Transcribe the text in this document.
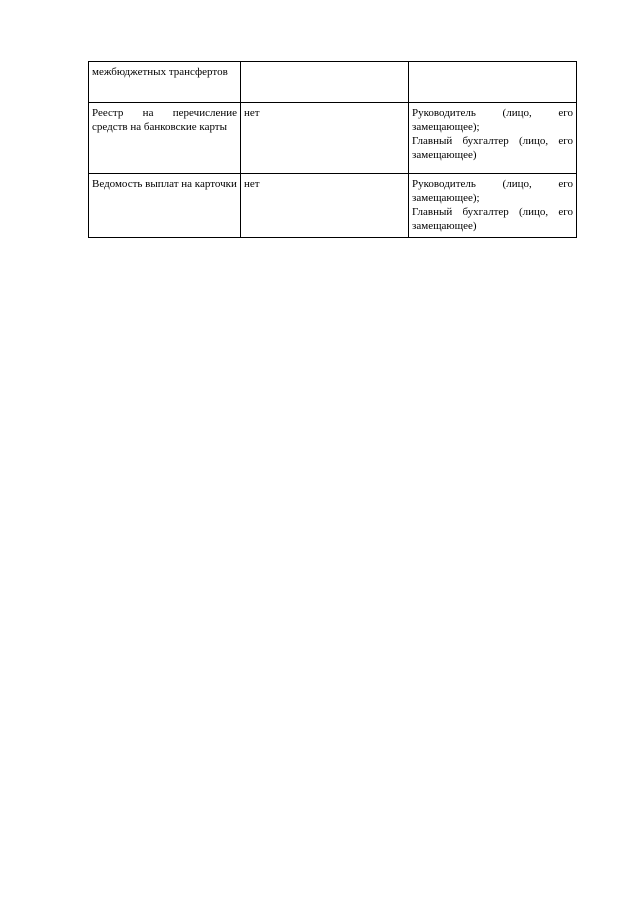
межбюджетных трансфертов		

Реестр на перечисление средств на банковские карты	нет	Руководитель (лицо, его замещающее);
Главный бухгалтер (лицо, его замещающее)

Ведомость выплат на карточки	нет	Руководитель (лицо, его замещающее);
Главный бухгалтер (лицо, его замещающее)
